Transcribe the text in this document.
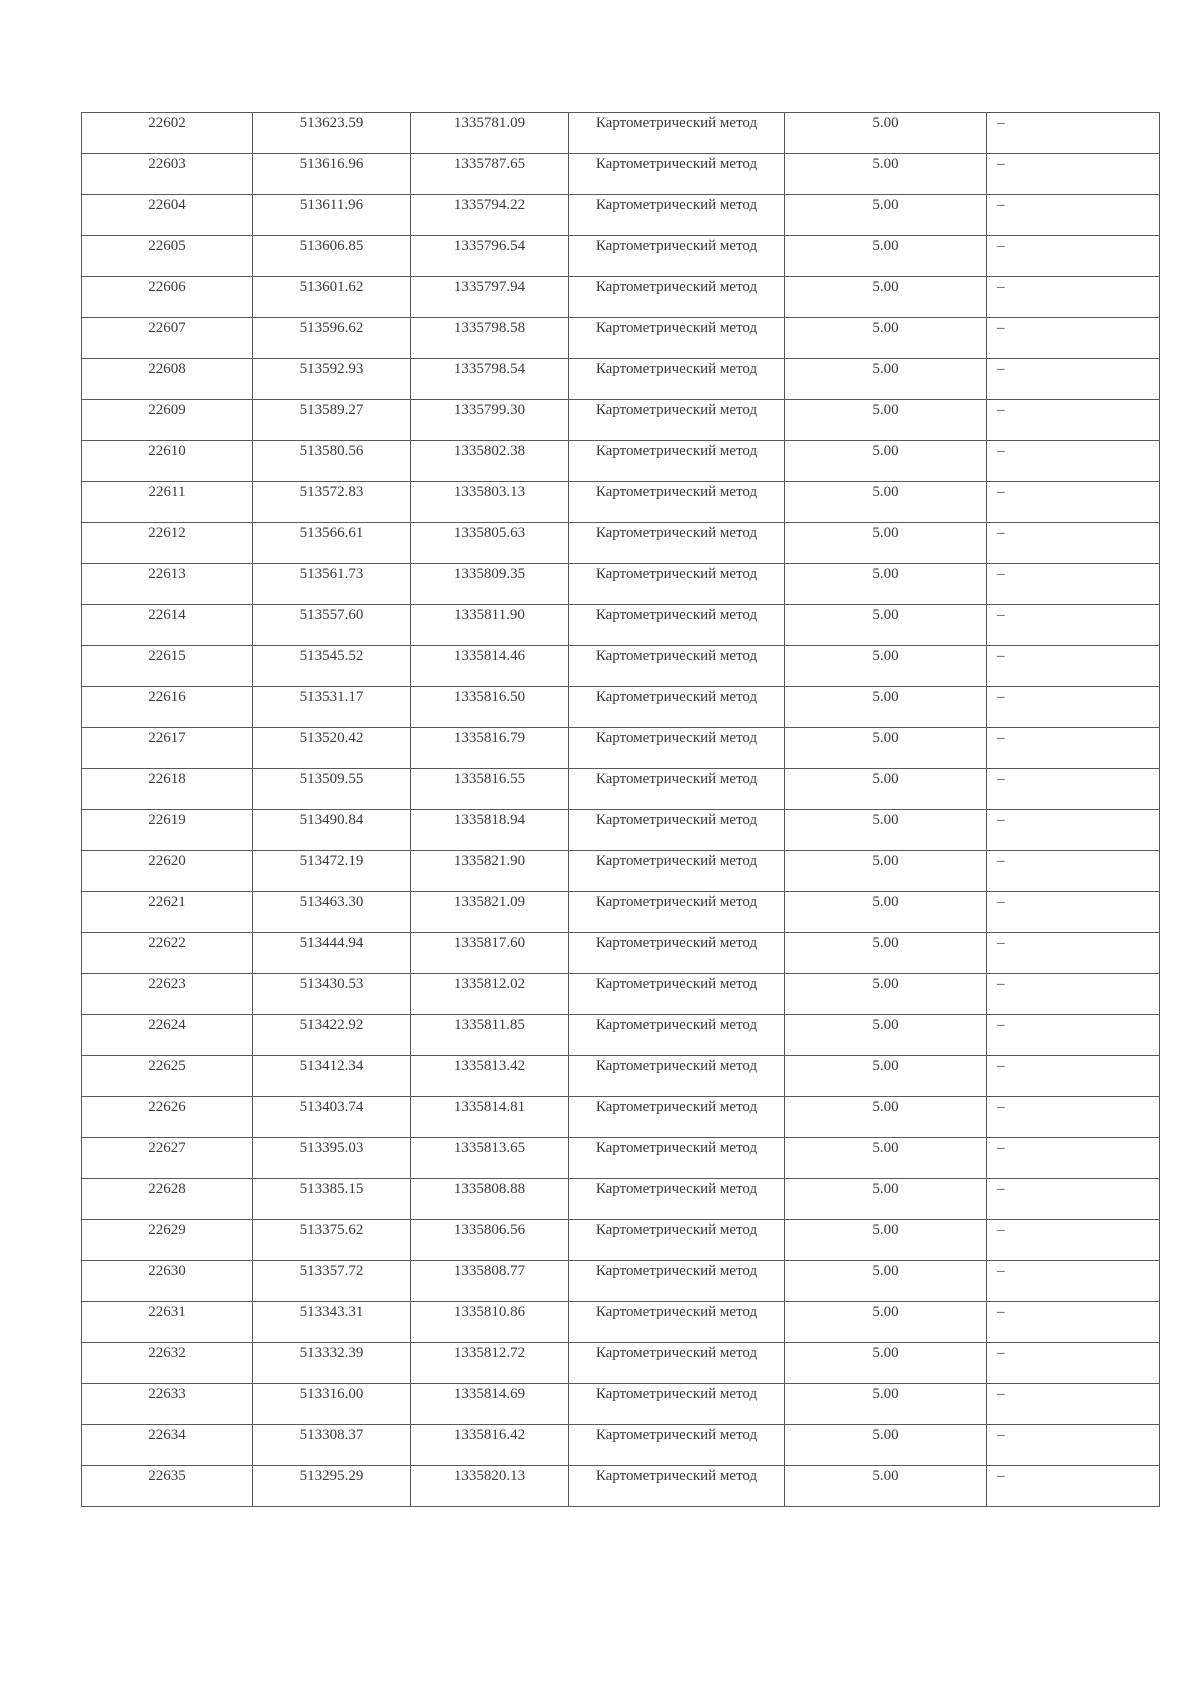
22602	513623.59	1335781.09	Картометрический метод	5.00	–
22603	513616.96	1335787.65	Картометрический метод	5.00	–
22604	513611.96	1335794.22	Картометрический метод	5.00	–
22605	513606.85	1335796.54	Картометрический метод	5.00	–
22606	513601.62	1335797.94	Картометрический метод	5.00	–
22607	513596.62	1335798.58	Картометрический метод	5.00	–
22608	513592.93	1335798.54	Картометрический метод	5.00	–
22609	513589.27	1335799.30	Картометрический метод	5.00	–
22610	513580.56	1335802.38	Картометрический метод	5.00	–
22611	513572.83	1335803.13	Картометрический метод	5.00	–
22612	513566.61	1335805.63	Картометрический метод	5.00	–
22613	513561.73	1335809.35	Картометрический метод	5.00	–
22614	513557.60	1335811.90	Картометрический метод	5.00	–
22615	513545.52	1335814.46	Картометрический метод	5.00	–
22616	513531.17	1335816.50	Картометрический метод	5.00	–
22617	513520.42	1335816.79	Картометрический метод	5.00	–
22618	513509.55	1335816.55	Картометрический метод	5.00	–
22619	513490.84	1335818.94	Картометрический метод	5.00	–
22620	513472.19	1335821.90	Картометрический метод	5.00	–
22621	513463.30	1335821.09	Картометрический метод	5.00	–
22622	513444.94	1335817.60	Картометрический метод	5.00	–
22623	513430.53	1335812.02	Картометрический метод	5.00	–
22624	513422.92	1335811.85	Картометрический метод	5.00	–
22625	513412.34	1335813.42	Картометрический метод	5.00	–
22626	513403.74	1335814.81	Картометрический метод	5.00	–
22627	513395.03	1335813.65	Картометрический метод	5.00	–
22628	513385.15	1335808.88	Картометрический метод	5.00	–
22629	513375.62	1335806.56	Картометрический метод	5.00	–
22630	513357.72	1335808.77	Картометрический метод	5.00	–
22631	513343.31	1335810.86	Картометрический метод	5.00	–
22632	513332.39	1335812.72	Картометрический метод	5.00	–
22633	513316.00	1335814.69	Картометрический метод	5.00	–
22634	513308.37	1335816.42	Картометрический метод	5.00	–
22635	513295.29	1335820.13	Картометрический метод	5.00	–
